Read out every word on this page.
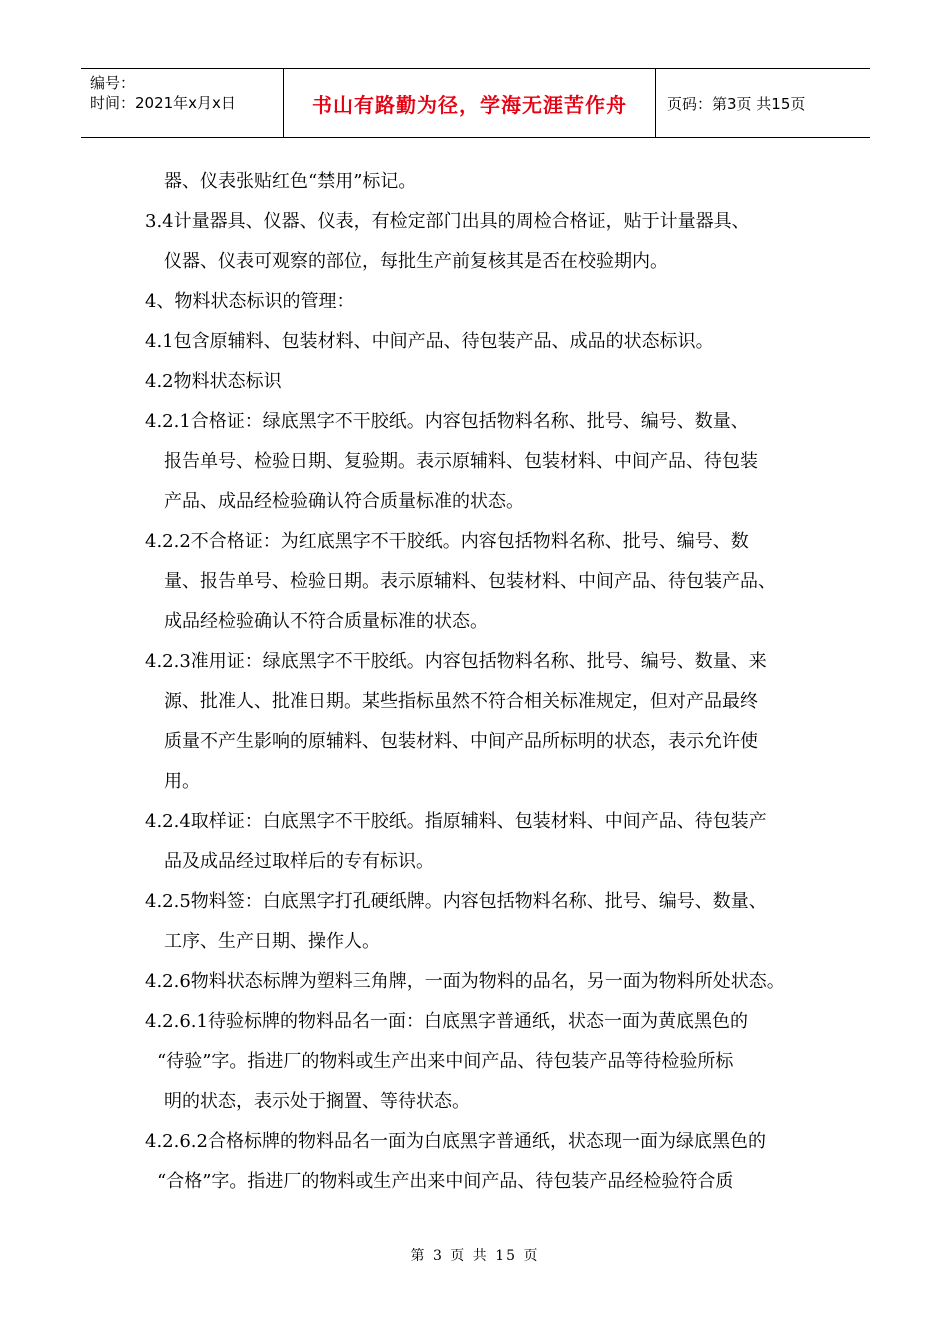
编号：
时间：2021年x月x日	书山有路勤为径，学海无涯苦作舟	页码：第3页 共15页
器、仪表张贴红色“禁用”标记。
3.4计量器具、仪器、仪表，有检定部门出具的周检合格证，贴于计量器具、
仪器、仪表可观察的部位，每批生产前复核其是否在校验期内。
4、物料状态标识的管理：
4.1包含原辅料、包装材料、中间产品、待包装产品、成品的状态标识。
4.2物料状态标识
4.2.1合格证：绿底黑字不干胶纸。内容包括物料名称、批号、编号、数量、
报告单号、检验日期、复验期。表示原辅料、包装材料、中间产品、待包装
产品、成品经检验确认符合质量标准的状态。
4.2.2不合格证：为红底黑字不干胶纸。内容包括物料名称、批号、编号、数
量、报告单号、检验日期。表示原辅料、包装材料、中间产品、待包装产品、
成品经检验确认不符合质量标准的状态。
4.2.3准用证：绿底黑字不干胶纸。内容包括物料名称、批号、编号、数量、来
源、批准人、批准日期。某些指标虽然不符合相关标准规定，但对产品最终
质量不产生影响的原辅料、包装材料、中间产品所标明的状态，表示允许使
用。
4.2.4取样证：白底黑字不干胶纸。指原辅料、包装材料、中间产品、待包装产
品及成品经过取样后的专有标识。
4.2.5物料签：白底黑字打孔硬纸牌。内容包括物料名称、批号、编号、数量、
工序、生产日期、操作人。
4.2.6物料状态标牌为塑料三角牌，一面为物料的品名，另一面为物料所处状态。
4.2.6.1待验标牌的物料品名一面：白底黑字普通纸，状态一面为黄底黑色的
“待验”字。指进厂的物料或生产出来中间产品、待包装产品等待检验所标
明的状态，表示处于搁置、等待状态。
4.2.6.2合格标牌的物料品名一面为白底黑字普通纸，状态现一面为绿底黑色的
“合格”字。指进厂的物料或生产出来中间产品、待包装产品经检验符合质
第 3 页 共 15 页
